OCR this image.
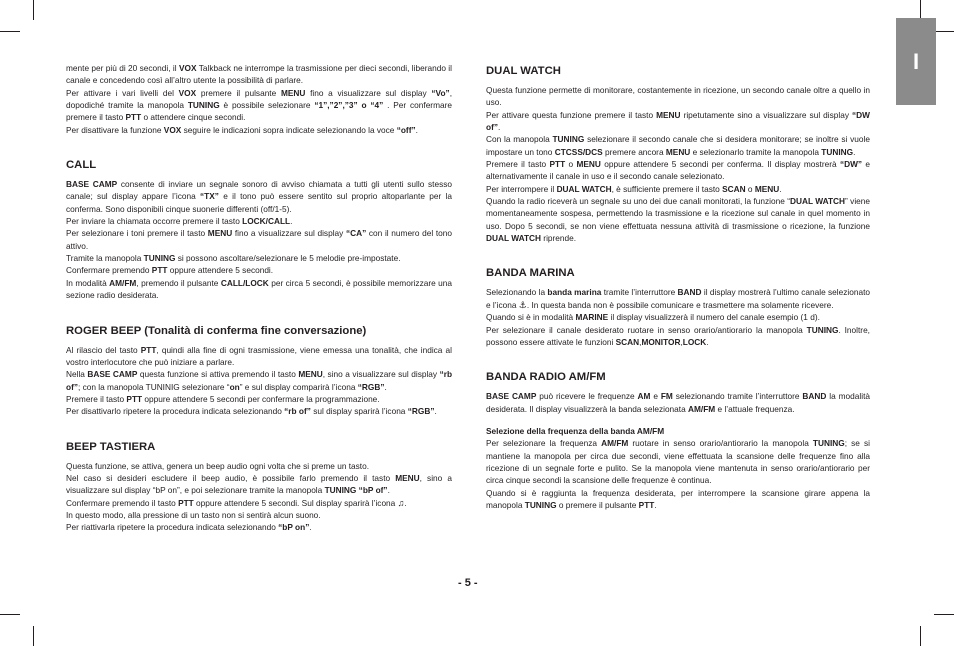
I

mente per più di 20 secondi, il VOX Talkback ne interrompe la trasmissione per dieci secondi, liberando il canale e concedendo così all’altro utente la possibilità di parlare.

Per attivare i vari livelli del VOX premere il pulsante MENU fino a visualizzare sul display “Vo”, dopodiché tramite la manopola TUNING è possibile selezionare “1”,”2”,”3” o “4” . Per confermare premere il tasto PTT o attendere cinque secondi.

Per disattivare la funzione VOX seguire le indicazioni sopra indicate selezionando la voce “off”.

CALL

BASE CAMP consente di inviare un segnale sonoro di avviso chiamata a tutti gli utenti sullo stesso canale; sul display appare l’icona “TX” e il tono può essere sentito sul proprio altoparlante per la conferma. Sono disponibili cinque suonerie differenti (off/1-5).

Per inviare la chiamata occorre premere il tasto LOCK/CALL.

Per selezionare i toni premere il tasto MENU fino a visualizzare sul display “CA” con il numero del tono attivo.

Tramite la manopola TUNING si possono ascoltare/selezionare le 5 melodie pre-impostate.

Confermare premendo PTT oppure attendere 5 secondi.

In modalità AM/FM, premendo il pulsante CALL/LOCK per circa 5 secondi, è possibile memorizzare una sezione radio desiderata.

ROGER BEEP (Tonalità di conferma fine conversazione)

Al rilascio del tasto PTT, quindi alla fine di ogni trasmissione, viene emessa una tonalità, che indica al vostro interlocutore che può iniziare a parlare.

Nella BASE CAMP questa funzione si attiva premendo il tasto MENU, sino a visualizzare sul display “rb of”; con la manopola TUNINIG selezionare “on” e sul display comparirà l’icona “RGB”.

Premere il tasto PTT oppure attendere 5 secondi per confermare la programmazione.

Per disattivarlo ripetere la procedura indicata selezionando “rb of” sul display sparirà l’icona “RGB”.

BEEP TASTIERA

Questa funzione, se attiva, genera un beep audio ogni volta che si preme un tasto.

Nel caso si desideri escludere il beep audio, è possibile farlo premendo il tasto MENU, sino a visualizzare sul display “bP on”, e poi selezionare tramite la manopola TUNING “bP of”.

Confermare premendo il tasto PTT oppure attendere 5 secondi. Sul display sparirà l’icona ♫.

In questo modo, alla pressione di un tasto non si sentirà alcun suono.

Per riattivarla ripetere la procedura indicata selezionando “bP on”.

DUAL WATCH

Questa funzione permette di monitorare, costantemente in ricezione, un secondo canale oltre a quello in uso.

Per attivare questa funzione premere il tasto MENU ripetutamente sino a visualizzare sul display “DW of”.

Con la manopola TUNING selezionare il secondo canale che si desidera monitorare; se inoltre si vuole impostare un tono CTCSS/DCS premere ancora MENU e selezionarlo tramite la manopola TUNING.

Premere il tasto PTT o MENU oppure attendere 5 secondi per conferma. Il display mostrerà “DW” e alternativamente il canale in uso e il secondo canale selezionato.

Per interrompere il DUAL WATCH, è sufficiente premere il tasto SCAN o MENU.

Quando la radio riceverà un segnale su uno dei due canali monitorati, la funzione “DUAL WATCH” viene momentaneamente sospesa, permettendo la trasmissione e la ricezione sul canale in quel momento in uso. Dopo 5 secondi, se non viene effettuata nessuna attività di trasmissione o ricezione, la funzione DUAL WATCH riprende.

BANDA MARINA

Selezionando la banda marina tramite l’interruttore BAND il display mostrerà l’ultimo canale selezionato e l’icona ⚓. In questa banda non è possibile comunicare e trasmettere ma solamente ricevere.

Quando si è in modalità MARINE il display visualizzerà il numero del canale esempio (1 d).

Per selezionare il canale desiderato ruotare in senso orario/antiorario la manopola TUNING. Inoltre, possono essere attivate le funzioni SCAN,MONITOR,LOCK.

BANDA RADIO AM/FM

BASE CAMP può ricevere le frequenze AM e FM selezionando tramite l’interruttore BAND la modalità desiderata. Il display visualizzerà la banda selezionata AM/FM e l’attuale frequenza.

Selezione della frequenza della banda AM/FM

Per selezionare la frequenza AM/FM ruotare in senso orario/antiorario la manopola TUNING; se si mantiene la manopola per circa due secondi, viene effettuata la scansione delle frequenze fino alla ricezione di un segnale forte e pulito. Se la manopola viene mantenuta in senso orario/antiorario per circa cinque secondi la scansione delle frequenze è continua.

Quando si è raggiunta la frequenza desiderata, per interrompere la scansione girare appena la manopola TUNING o premere il pulsante PTT.

- 5 -
